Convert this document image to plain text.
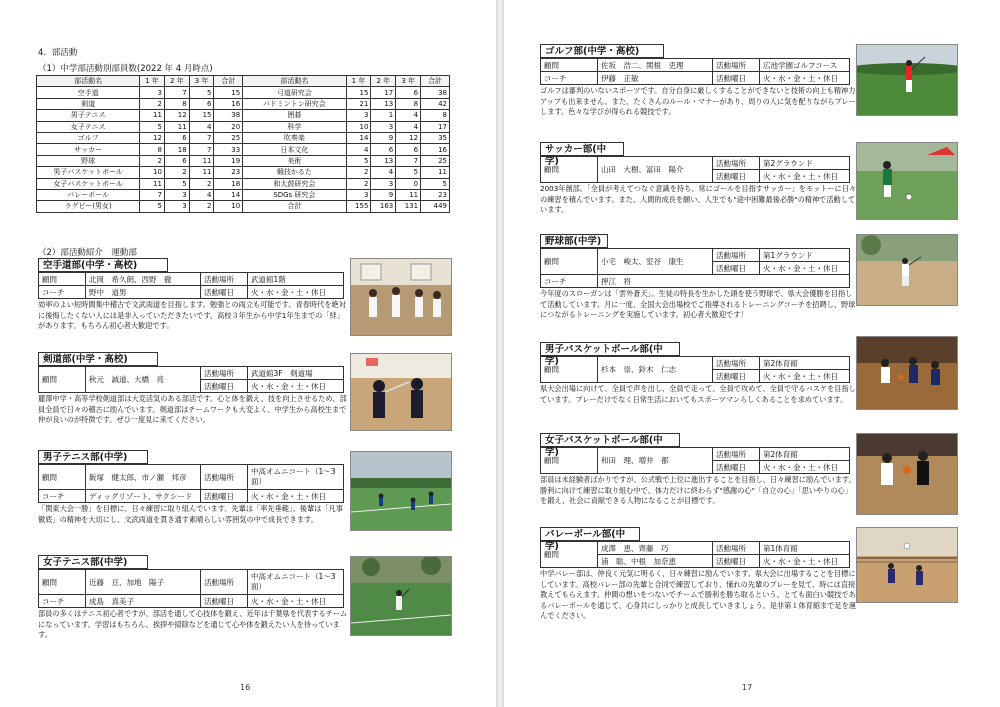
4．部活動
（1）中学部活動別部員数(2022 年 4 月時点)
部活動名	1 年	2 年	3 年	合計	部活動名	1 年	2 年	3 年	合計
空手道	3	7	5	15	弓道研究会	15	17	6	38
剣道	2	8	6	16	バドミントン研究会	21	13	8	42
男子テニス	11	12	15	38	囲碁	3	1	4	8
女子テニス	5	11	4	20	科学	10	3	4	17
ゴルフ	12	6	7	25	吹奏楽	14	9	12	35
サッカー	8	18	7	33	日本文化	4	6	6	16
野球	2	6	11	19	美術	5	13	7	25
男子バスケットボール	10	2	11	23	競技かるた	2	4	5	11
女子バスケットボール	11	5	2	18	和太鼓研究会	2	3	0	5
バレーボール	7	3	4	14	SDGs 研究会	3	9	11	23
ラグビー(男女)	5	3	2	10	合計	155	163	131	449
（2）部活動紹介　運動部
空手道部(中学・高校)
顧問	北岡　希久朗、西野　徹	活動場所	武道館1階
コーチ	野中　道男	活動曜日	火・水・金・土・休日
効率のよい短時間集中稽古で文武両道を目指します。勉強との両立も可能です。青春時代を絶対に後悔したくない人には是非入っていただきたいです。高校３年生から中学1年生までの「絆」があります。もちろん初心者大歓迎です。
剣道部(中学・高校)
顧問	秋元　誠道、大橋　亮	活動場所	武道館3F　剣道場
		活動曜日	火・水・金・土・休日
麗澤中学・高等学校剣道部は大変活気のある部活です。心と体を鍛え、技を向上させるため、部員全員で日々の稽古に励んでいます。剣道部はチームワークも大変よく、中学生から高校生まで仲が良いのが特徴です。ぜひ一度見に来てください。
男子テニス部(中学)
顧問	飯塚　健太郎、市ノ瀬　邦彦	活動場所	中高オムニコート（1～3面）
コーチ	ディッグリゾート、サクシード	活動曜日	火・水・金・土・休日
「関東大会一勝」を目標に、日々練習に取り組んでいます。先輩は「率先垂範」、後輩は「凡事徹底」の精神を大切にし、文武両道を貫き通す素晴らしい雰囲気の中で成長できます。
女子テニス部(中学)
顧問	近藤　亘、加地　陽子	活動場所	中高オムニコート（1～3面）
コーチ	成島　真美子	活動曜日	火・水・金・土・休日
部員の多くはテニス初心者ですが、部活を通して心技体を鍛え、近年は千葉県を代表するチームになっています。学習はもちろん、挨拶や掃除などを通じて心や体を鍛えたい人を待っています。
16
ゴルフ部(中学・高校)
顧問	佐坂　浩二、関根　吏理	活動場所	広池学園ゴルフコース
コーチ	伊藤　正敏	活動曜日	火・水・金・土・休日
ゴルフは審判のいないスポーツです。自分自身に厳しくすることができないと技術の向上も精神力アップも出来ません。また、たくさんのルール・マナーがあり、周りの人に気を配りながらプレーします。色々な学びが得られる競技です。
サッカー部(中学)
顧問	山田　大樹、冨田　陽介	活動場所	第2グラウンド
		活動曜日	火・水・金・土・休日
2003年創部。「全員が考えてつなぐ意識を持ち、常にゴールを目指すサッカー」をモットーに日々の練習を積んでいます。また、人間的成長を願い、人生でも"途中困難最後必勝"の精神で活動しています。
野球部(中学)
顧問	小宅　峻太、室谷　康生	活動場所	第1グラウンド
		活動曜日	火・水・金・土・休日
コーチ	押江　将		
今年度のスローガンは「雲外蒼天」。生徒の特長を生かした頭を使う野球で、県大会優勝を目指して活動しています。月に一度、全国大会出場校でご指導されるトレーニングコーチを招聘し、野球につながるトレーニングを実施しています。初心者大歓迎です！
男子バスケットボール部(中学)
顧問	杉本　崇、鈴木　仁志	活動場所	第2体育館
		活動曜日	火・水・金・土・休日
県大会出場に向けて、全員で声を出し、全員で走って、全員で攻めて、全員で守るバスケを目指しています。プレーだけでなく日常生活においてもスポーツマンらしくあることを求めています。
女子バスケットボール部(中学)
顧問	和田　理、増井　都	活動場所	第2体育館
		活動曜日	火・水・金・土・休日
部員は未経験者ばかりですが、公式戦で上位に進出することを目指し、日々練習に励んでいます。勝利に向けて練習に取り組む中で、体力だけに終わらず"感謝の心"「自立の心」「思いやりの心」を鍛え、社会に貢献できる人物になることが目標です。
バレーボール部(中学)
顧問	成澤　恵、齊藤　巧	活動場所	第1体育館
	浦　聡、中根　加奈恵	活動曜日	火・水・金・土・休日
中学バレー部は、仲良く元気に明るく、日々練習に励んでいます。県大会に出場することを目標にしています。高校バレー部の先輩と合同で練習しており、憧れの先輩のプレーを見て、時には直接教えてもらえます。仲間の想いをつないでチームで勝利を勝ち取るという、とても面白い競技であるバレーボールを通じて、心身共にしっかりと成長していきましょう。是非第１体育館まで足を運んでください。
17
